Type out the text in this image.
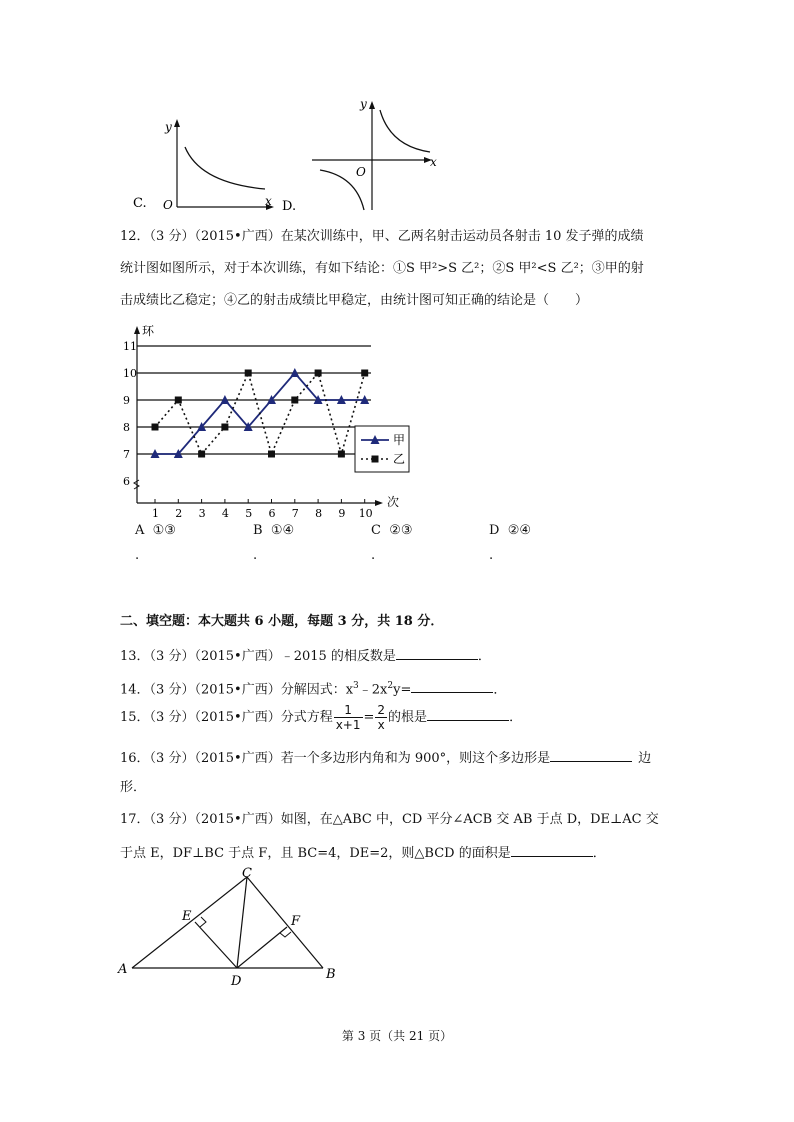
C.
y
x
O	D.
y
x
O
12．（3 分）（2015•广西）在某次训练中，甲、乙两名射击运动员各射击 10 发子弹的成绩
统计图如图所示，对于本次训练，有如下结论：①S 甲²>S 乙²；②S 甲²<S 乙²；③甲的射
击成绩比乙稳定；④乙的射击成绩比甲稳定，由统计图可知正确的结论是（　　）
6
7
8
9
10
11
1 2 3 4 5 6 7 8 9 10
环
次
甲
乙
A ①③	B ①④	C ②③	D ②④
.	.	.	.
二、填空题：本大题共 6 小题，每题 3 分，共 18 分．
13．（3 分）（2015•广西）﹣2015 的相反数是	．
14．（3 分）（2015•广西）分解因式：$x^3﹣2x^2y=$	．
15．（3 分）（2015•广西）分式方程 $\frac{1}{x+1} = \frac{2}{x}$ 的根是	．
16．（3 分）（2015•广西）若一个多边形内角和为 900°，则这个多边形是	边
形．
17．（3 分）（2015•广西）如图，在△ABC 中，CD 平分∠ACB 交 AB 于点 D，DE⊥AC 交
于点 E，DF⊥BC 于点 F，且 BC=4，DE=2，则△BCD 的面积是	．
A	B
C
D
E	F
第 3 页（共 21 页）
